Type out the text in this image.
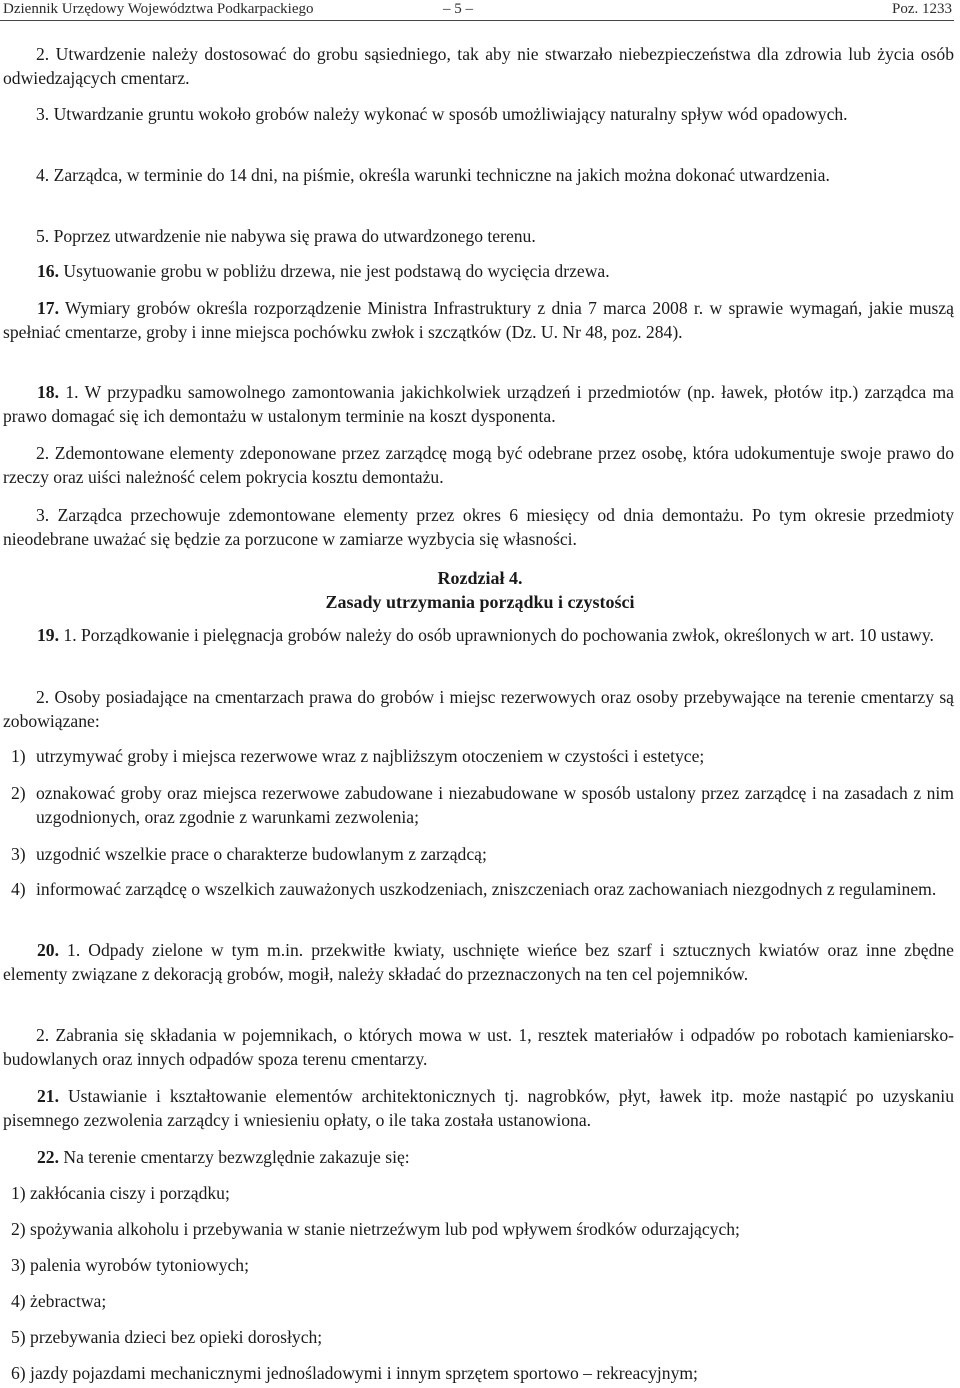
Dziennik Urzędowy Województwa Podkarpackiego	– 5 –	Poz. 1233

2. Utwardzenie należy dostosować do grobu sąsiedniego, tak aby nie stwarzało niebezpieczeństwa dla zdrowia lub życia osób odwiedzających cmentarz.

3. Utwardzanie gruntu wokoło grobów należy wykonać w sposób umożliwiający naturalny spływ wód opadowych.

4. Zarządca, w terminie do 14 dni, na piśmie, określa warunki techniczne na jakich można dokonać utwardzenia.

5. Poprzez utwardzenie nie nabywa się prawa do utwardzonego terenu.

16. Usytuowanie grobu w pobliżu drzewa, nie jest podstawą do wycięcia drzewa.

17. Wymiary grobów określa rozporządzenie Ministra Infrastruktury z dnia 7 marca 2008 r. w sprawie wymagań, jakie muszą spełniać cmentarze, groby i inne miejsca pochówku zwłok i szczątków (Dz. U. Nr 48, poz. 284).

18. 1. W przypadku samowolnego zamontowania jakichkolwiek urządzeń i przedmiotów (np. ławek, płotów itp.) zarządca ma prawo domagać się ich demontażu w ustalonym terminie na koszt dysponenta.

2. Zdemontowane elementy zdeponowane przez zarządcę mogą być odebrane przez osobę, która udokumentuje swoje prawo do rzeczy oraz uiści należność celem pokrycia kosztu demontażu.

3. Zarządca przechowuje zdemontowane elementy przez okres 6 miesięcy od dnia demontażu. Po tym okresie przedmioty nieodebrane uważać się będzie za porzucone w zamiarze wyzbycia się własności.

Rozdział 4.
Zasady utrzymania porządku i czystości

19. 1. Porządkowanie i pielęgnacja grobów należy do osób uprawnionych do pochowania zwłok, określonych w art. 10 ustawy.

2. Osoby posiadające na cmentarzach prawa do grobów i miejsc rezerwowych oraz osoby przebywające na terenie cmentarzy są zobowiązane:

1) utrzymywać groby i miejsca rezerwowe wraz z najbliższym otoczeniem w czystości i estetyce;
2) oznakować groby oraz miejsca rezerwowe zabudowane i niezabudowane w sposób ustalony przez zarządcę i na zasadach z nim uzgodnionych, oraz zgodnie z warunkami zezwolenia;
3) uzgodnić wszelkie prace o charakterze budowlanym z zarządcą;
4) informować zarządcę o wszelkich zauważonych uszkodzeniach, zniszczeniach oraz zachowaniach niezgodnych z regulaminem.

20. 1. Odpady zielone w tym m.in. przekwitłe kwiaty, uschnięte wieńce bez szarf i sztucznych kwiatów oraz inne zbędne elementy związane z dekoracją grobów, mogił, należy składać do przeznaczonych na ten cel pojemników.

2. Zabrania się składania w pojemnikach, o których mowa w ust. 1, resztek materiałów i odpadów po robotach kamieniarsko-budowlanych oraz innych odpadów spoza terenu cmentarzy.

21. Ustawianie i kształtowanie elementów architektonicznych tj. nagrobków, płyt, ławek itp. może nastąpić po uzyskaniu pisemnego zezwolenia zarządcy i wniesieniu opłaty, o ile taka została ustanowiona.

22. Na terenie cmentarzy bezwzględnie zakazuje się:

1) zakłócania ciszy i porządku;
2) spożywania alkoholu i przebywania w stanie nietrzeźwym lub pod wpływem środków odurzających;
3) palenia wyrobów tytoniowych;
4) żebractwa;
5) przebywania dzieci bez opieki dorosłych;
6) jazdy pojazdami mechanicznymi jednośladowymi i innym sprzętem sportowo – rekreacyjnym;
